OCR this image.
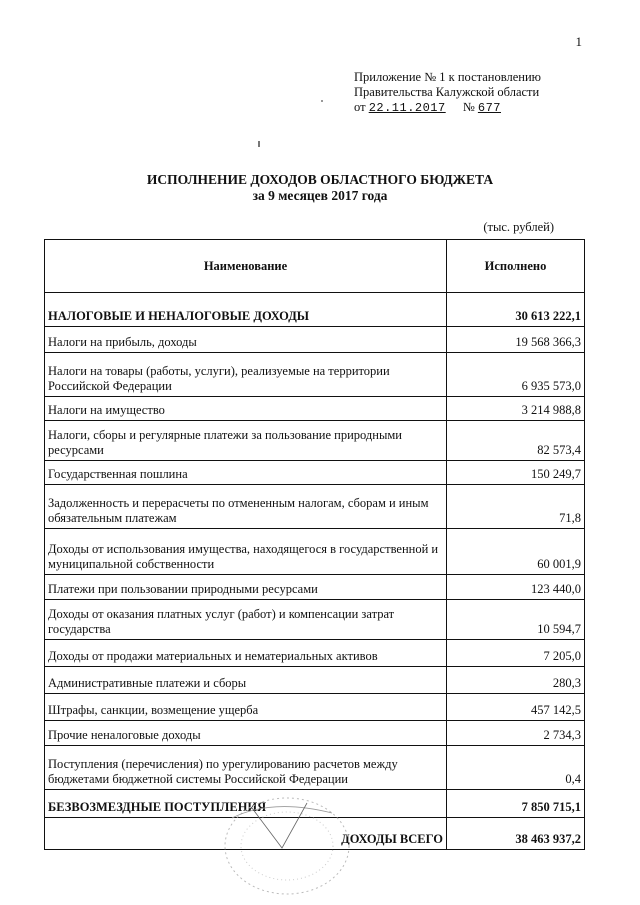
1
Приложение № 1 к постановлению
Правительства Калужской области
от 22.11.2017 № 677
ИСПОЛНЕНИЕ ДОХОДОВ ОБЛАСТНОГО БЮДЖЕТА
за 9 месяцев 2017 года
(тыс. рублей)
Наименование	Исполнено
НАЛОГОВЫЕ И НЕНАЛОГОВЫЕ ДОХОДЫ	30 613 222,1
Налоги на прибыль, доходы	19 568 366,3
Налоги на товары (работы, услуги), реализуемые на территории Российской Федерации	6 935 573,0
Налоги на имущество	3 214 988,8
Налоги, сборы и регулярные платежи за пользование природными ресурсами	82 573,4
Государственная пошлина	150 249,7
Задолженность и перерасчеты по отмененным налогам, сборам и иным обязательным платежам	71,8
Доходы от использования имущества, находящегося в государственной и муниципальной собственности	60 001,9
Платежи при пользовании природными ресурсами	123 440,0
Доходы от оказания платных услуг (работ) и компенсации затрат государства	10 594,7
Доходы от продажи материальных и нематериальных активов	7 205,0
Административные платежи и сборы	280,3
Штрафы, санкции, возмещение ущерба	457 142,5
Прочие неналоговые доходы	2 734,3
Поступления (перечисления) по урегулированию расчетов между бюджетами бюджетной системы Российской Федерации	0,4
БЕЗВОЗМЕЗДНЫЕ ПОСТУПЛЕНИЯ	7 850 715,1
ДОХОДЫ ВСЕГО	38 463 937,2
